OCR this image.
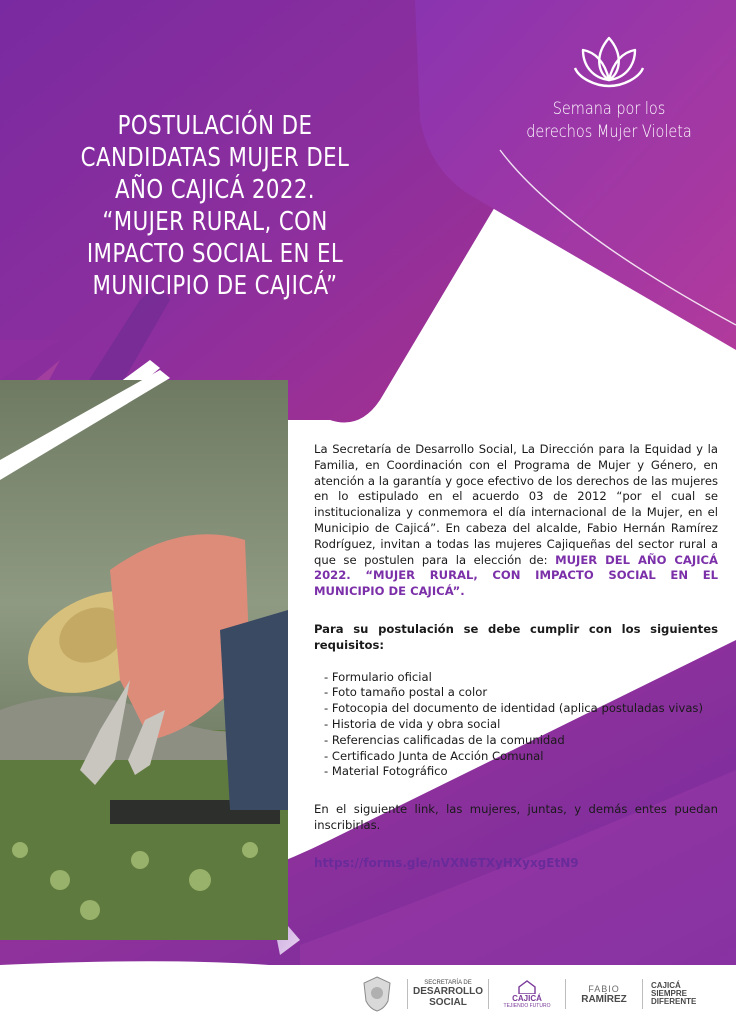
POSTULACIÓN DE CANDIDATAS MUJER DEL AÑO CAJICÁ 2022. “MUJER RURAL, CON IMPACTO SOCIAL EN EL MUNICIPIO DE CAJICÁ”
Semana por los
derechos Mujer Violeta

La Secretaría de Desarrollo Social, La Dirección para la Equidad y la Familia, en Coordinación con el Programa de Mujer y Género, en atención a la garantía y goce efectivo de los derechos de las mujeres en lo estipulado en el acuerdo 03 de 2012 “por el cual se institucionaliza y conmemora el día internacional de la Mujer, en el Municipio de Cajicá”. En cabeza del alcalde, Fabio Hernán Ramírez Rodríguez, invitan a todas las mujeres Cajiqueñas del sector rural a que se postulen para la elección de: MUJER DEL AÑO CAJICÁ 2022. “MUJER RURAL, CON IMPACTO SOCIAL EN EL MUNICIPIO DE CAJICÁ”.

Para su postulación se debe cumplir con los siguientes requisitos:

- Formulario oficial
- Foto tamaño postal a color
- Fotocopia del documento de identidad (aplica postuladas vivas)
- Historia de vida y obra social
- Referencias calificadas de la comunidad
- Certificado Junta de Acción Comunal
- Material Fotográfico

En el siguiente link, las mujeres, juntas, y demás entes puedan inscribirlas.

https://forms.gle/nVXN6TXyHXyxgEtN9
SECRETARÍA DE
DESARROLLO
SOCIAL	CAJICÁ
TEJIENDO FUTURO
FABIO
RAMÍREZ
CAJICÁ
SIEMPRE
DIFERENTE
